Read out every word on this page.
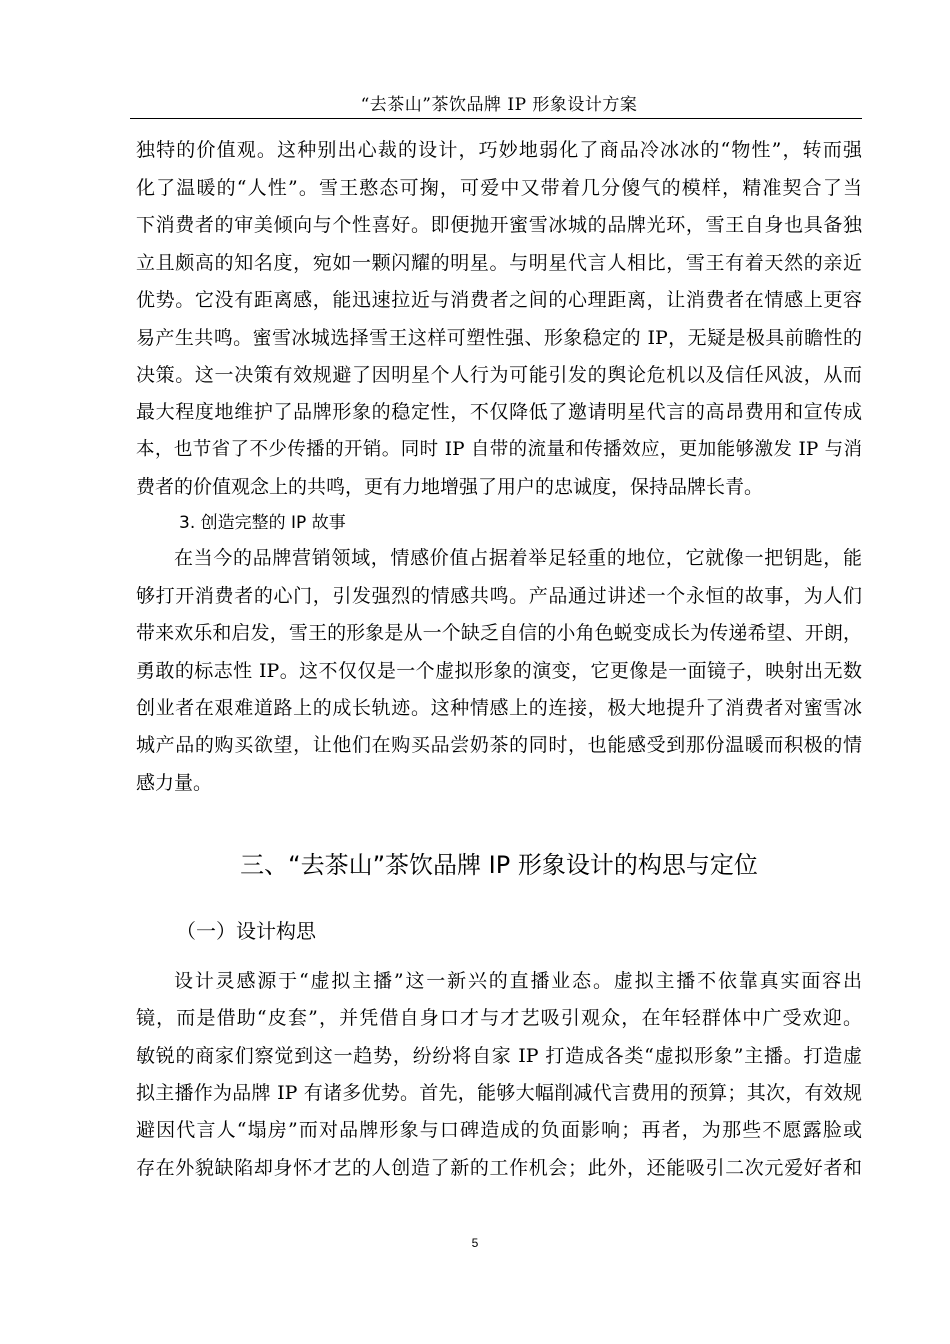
“去茶山”茶饮品牌 IP 形象设计方案
独特的价值观。这种别出心裁的设计，巧妙地弱化了商品冷冰冰的“物性”，转而强
化了温暖的“人性”。雪王憨态可掬，可爱中又带着几分傻气的模样，精准契合了当
下消费者的审美倾向与个性喜好。即便抛开蜜雪冰城的品牌光环，雪王自身也具备独
立且颇高的知名度，宛如一颗闪耀的明星。与明星代言人相比，雪王有着天然的亲近
优势。它没有距离感，能迅速拉近与消费者之间的心理距离，让消费者在情感上更容
易产生共鸣。蜜雪冰城选择雪王这样可塑性强、形象稳定的 IP，无疑是极具前瞻性的
决策。这一决策有效规避了因明星个人行为可能引发的舆论危机以及信任风波，从而
最大程度地维护了品牌形象的稳定性，不仅降低了邀请明星代言的高昂费用和宣传成
本，也节省了不少传播的开销。同时 IP 自带的流量和传播效应，更加能够激发 IP 与消
费者的价值观念上的共鸣，更有力地增强了用户的忠诚度，保持品牌长青。
3. 创造完整的 IP 故事
在当今的品牌营销领域，情感价值占据着举足轻重的地位，它就像一把钥匙，能
够打开消费者的心门，引发强烈的情感共鸣。产品通过讲述一个永恒的故事，为人们
带来欢乐和启发，雪王的形象是从一个缺乏自信的小角色蜕变成长为传递希望、开朗，
勇敢的标志性 IP。这不仅仅是一个虚拟形象的演变，它更像是一面镜子，映射出无数
创业者在艰难道路上的成长轨迹。这种情感上的连接，极大地提升了消费者对蜜雪冰
城产品的购买欲望，让他们在购买品尝奶茶的同时，也能感受到那份温暖而积极的情
感力量。
三、“去茶山”茶饮品牌 IP 形象设计的构思与定位
（一）设计构思
设计灵感源于“虚拟主播”这一新兴的直播业态。虚拟主播不依靠真实面容出
镜，而是借助“皮套”，并凭借自身口才与才艺吸引观众，在年轻群体中广受欢迎。
敏锐的商家们察觉到这一趋势，纷纷将自家 IP 打造成各类“虚拟形象”主播。打造虚
拟主播作为品牌 IP 有诸多优势。首先，能够大幅削减代言费用的预算；其次，有效规
避因代言人“塌房”而对品牌形象与口碑造成的负面影响；再者，为那些不愿露脸或
存在外貌缺陷却身怀才艺的人创造了新的工作机会；此外，还能吸引二次元爱好者和
5
